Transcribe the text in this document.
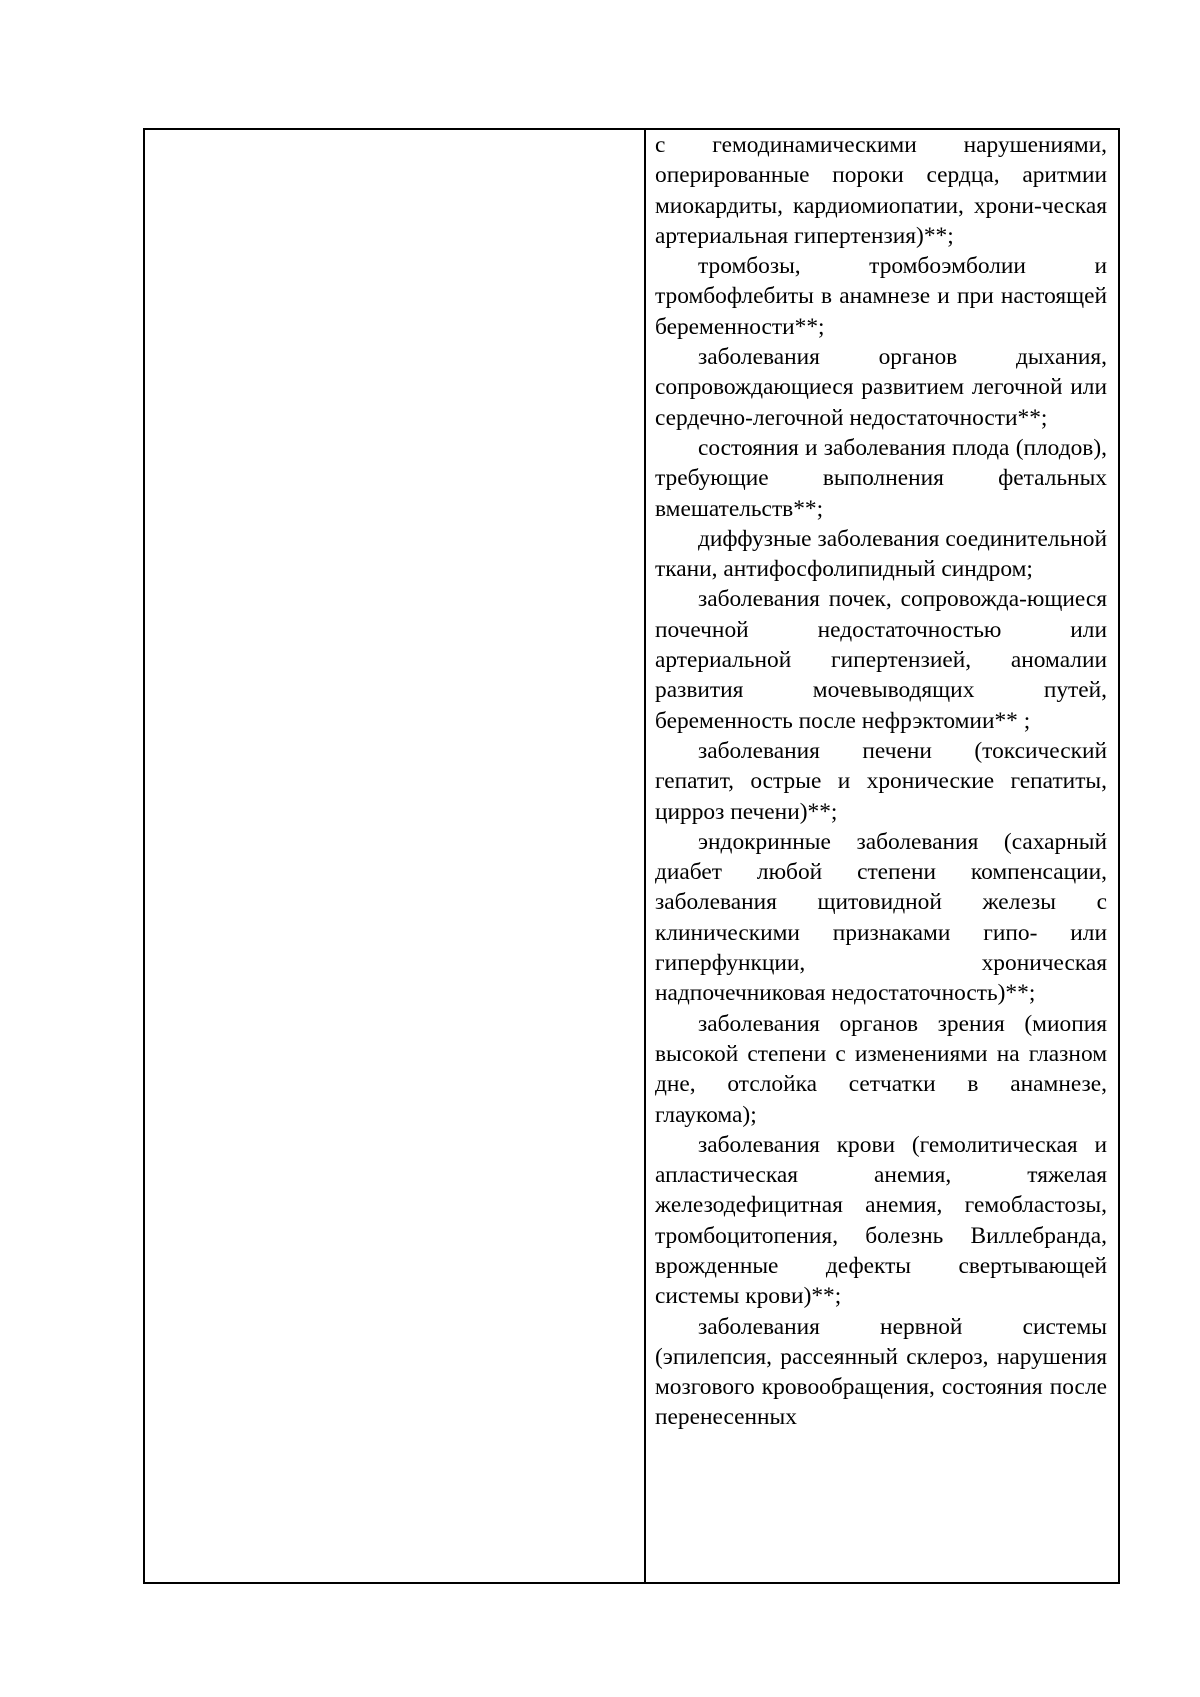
с гемодинамическими нарушениями, оперированные пороки сердца, аритмии миокардиты, кардиомиопатии, хрони-ческая артериальная гипертензия)**;

тромбозы, тромбоэмболии и тромбофлебиты в анамнезе и при настоящей беременности**;

заболевания органов дыхания, сопровождающиеся развитием легочной или сердечно-легочной недостаточности**;

состояния и заболевания плода (плодов), требующие выполнения фетальных вмешательств**;

диффузные заболевания соединительной ткани, антифосфолипидный синдром;

заболевания почек, сопровожда-ющиеся почечной недостаточностью или артериальной гипертензией, аномалии развития мочевыводящих путей, беременность после нефрэктомии** ;

заболевания печени (токсический гепатит, острые и хронические гепатиты, цирроз печени)**;

эндокринные заболевания (сахарный диабет любой степени компенсации, заболевания щитовидной железы с клиническими признаками гипо- или гиперфункции, хроническая надпочечниковая недостаточность)**;

заболевания органов зрения (миопия высокой степени с изменениями на глазном дне, отслойка сетчатки в анамнезе, глаукома);

заболевания крови (гемолитическая и апластическая анемия, тяжелая железодефицитная анемия, гемобластозы, тромбоцитопения, болезнь Виллебранда, врожденные дефекты свертывающей системы крови)**;

заболевания нервной системы (эпилепсия, рассеянный склероз, нарушения мозгового кровообращения, состояния после перенесенных
